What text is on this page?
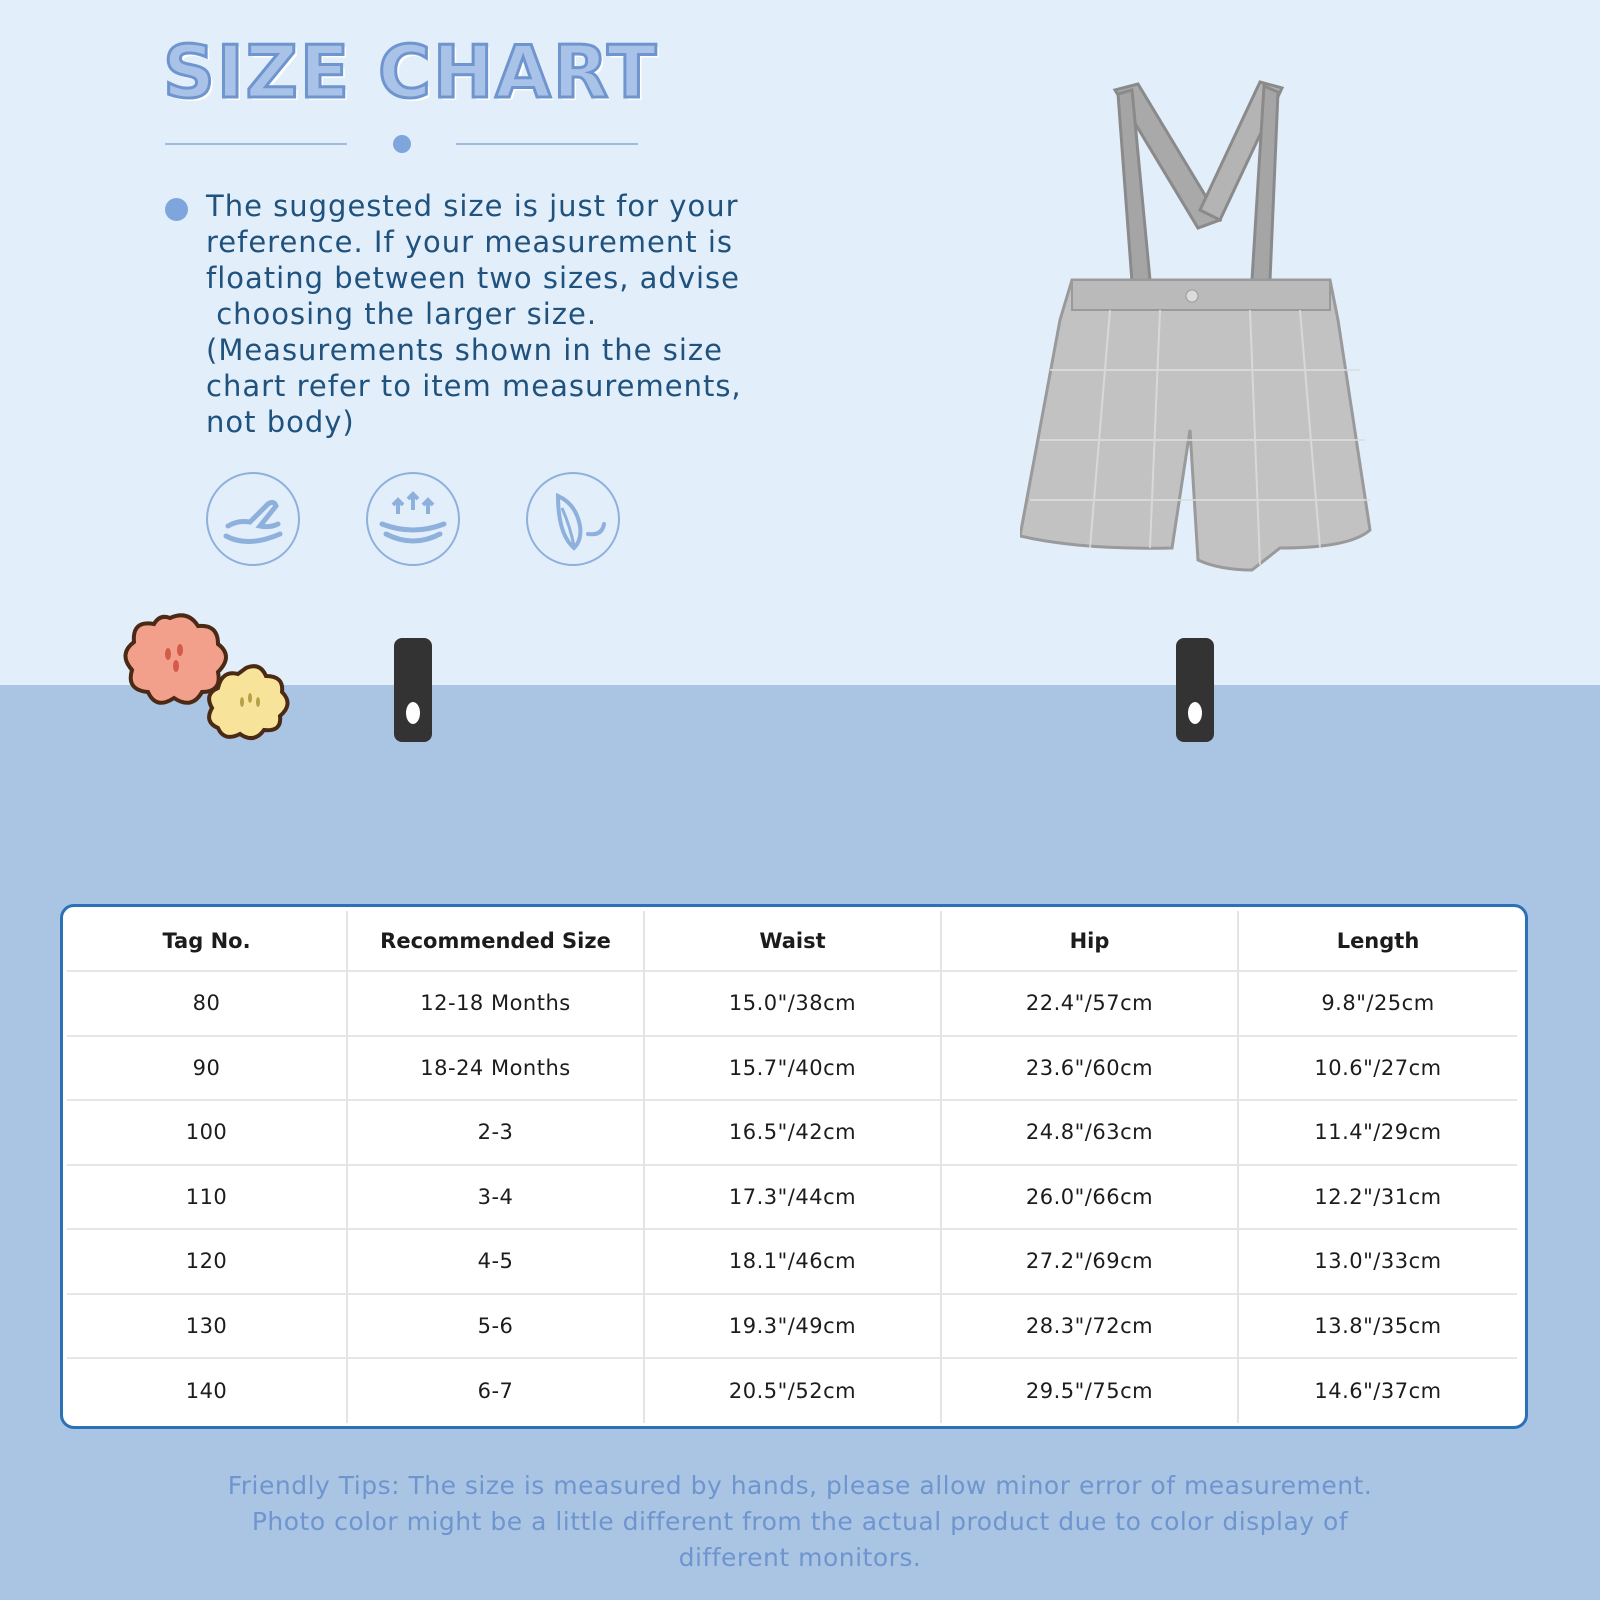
SIZE CHART
The suggested size is just for your
reference. If your measurement is
floating between two sizes, advise
choosing the larger size.
(Measurements shown in the size
chart refer to item measurements,
not body)
Tag No.	Recommended Size	Waist	Hip	Length
80	12-18 Months	15.0"/38cm	22.4"/57cm	9.8"/25cm
90	18-24 Months	15.7"/40cm	23.6"/60cm	10.6"/27cm
100	2-3	16.5"/42cm	24.8"/63cm	11.4"/29cm
110	3-4	17.3"/44cm	26.0"/66cm	12.2"/31cm
120	4-5	18.1"/46cm	27.2"/69cm	13.0"/33cm
130	5-6	19.3"/49cm	28.3"/72cm	13.8"/35cm
140	6-7	20.5"/52cm	29.5"/75cm	14.6"/37cm
Friendly Tips: The size is measured by hands, please allow minor error of measurement.
Photo color might be a little different from the actual product due to color display of
different monitors.
